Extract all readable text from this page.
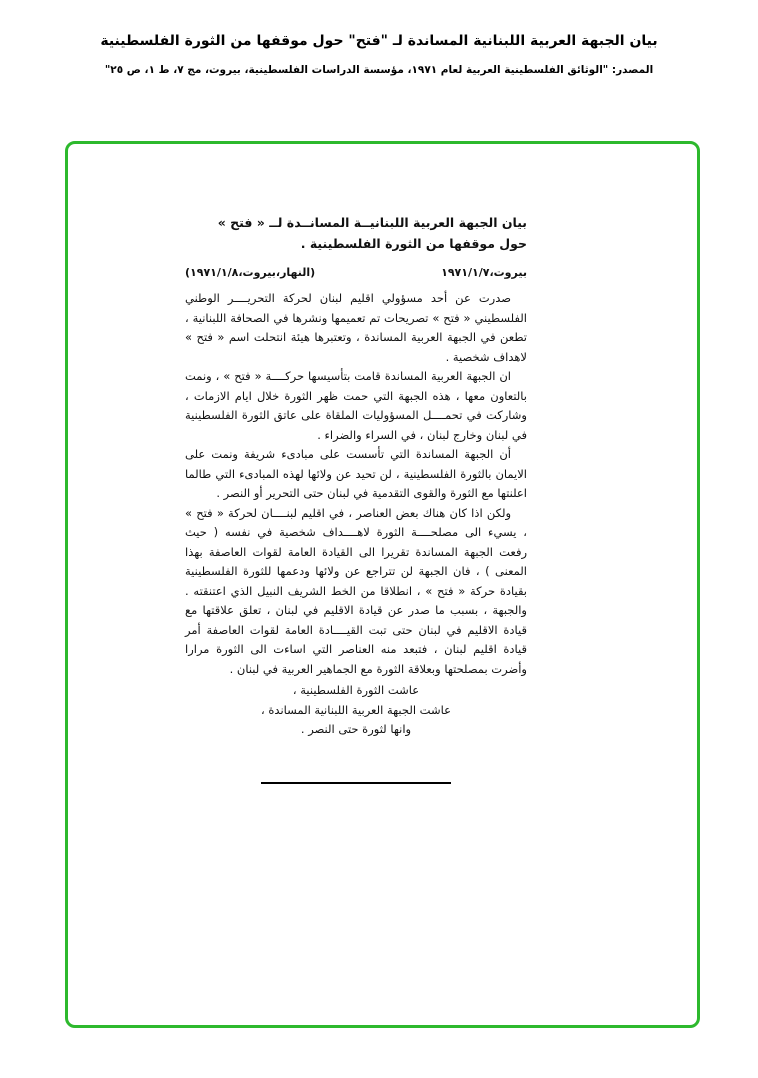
بيان الجبهة العربية اللبنانية المساندة لـ "فتح" حول موقفها من الثورة الفلسطينية
المصدر: "الوثائق الفلسطينية العربية لعام ١٩٧١، مؤسسة الدراسات الفلسطينية، بيروت، مج ٧، ط ١، ص ٢٥"
بيان الجبهة العربية اللبنانيــة المسانــدة لــ « فتح »
حول موقفها من الثورة الفلسطينية .
بيروت،١٩٧١/١/٧
(النهار،بيروت،١٩٧١/١/٨)

صدرت عن أحد مسؤولي اقليم لبنان لحركة التحريــــر الوطني الفلسطيني « فتح » تصريحات تم تعميمها ونشرها في الصحافة اللبنانية ، تطعن في الجبهة العربية المساندة ، وتعتبرها هيئة انتحلت اسم « فتح » لاهداف شخصية .

ان الجبهة العربية المساندة قامت بتأسيسها حركــــة « فتح » ، ونمت بالتعاون معها ، هذه الجبهة التي حمت ظهر الثورة خلال ايام الازمات ، وشاركت في تحمــــل المسؤوليات الملقاة على عاتق الثورة الفلسطينية في لبنان وخارج لبنان ، في السراء والضراء .

أن الجبهة المساندة التي تأسست على مبادىء شريفة ونمت على الايمان بالثورة الفلسطينية ، لن تحيد عن ولائها لهذه المبادىء التي طالما اعلنتها مع الثورة والقوى التقدمية في لبنان حتى التحرير أو النصر .

ولكن اذا كان هناك بعض العناصر ، في اقليم لبنــــان لحركة « فتح » ، يسيء الى مصلحــــة الثورة لاهــــداف شخصية في نفسه ( حيث رفعت الجبهة المساندة تقريرا الى القيادة العامة لقوات العاصفة بهذا المعنى ) ، فان الجبهة لن تتراجع عن ولائها ودعمها للثورة الفلسطينية بقيادة حركة « فتح » ، انطلاقا من الخط الشريف النبيل الذي اعتنقته . والجبهة ، بسبب ما صدر عن قيادة الاقليم في لبنان ، تعلق علاقتها مع قيادة الاقليم في لبنان حتى تبت القيــــادة العامة لقوات العاصفة أمر قيادة اقليم لبنان ، فتبعد منه العناصر التي اساءت الى الثورة مرارا وأضرت بمصلحتها وبعلاقة الثورة مع الجماهير العربية في لبنان .

عاشت الثورة الفلسطينية ،
عاشت الجبهة العربية اللبنانية المساندة ،
وانها لثورة حتى النصر .
